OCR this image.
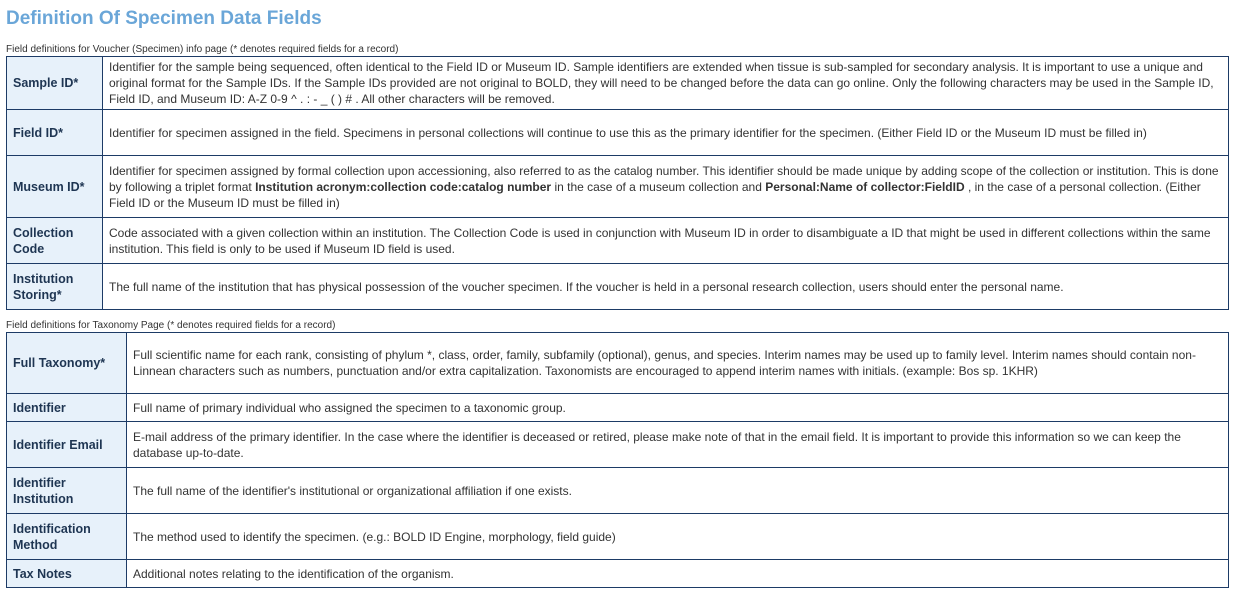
Definition Of Specimen Data Fields
Field definitions for Voucher (Specimen) info page (* denotes required fields for a record)
Sample ID*	Identifier for the sample being sequenced, often identical to the Field ID or Museum ID. Sample identifiers are extended when tissue is sub-sampled for secondary analysis. It is important to use a unique and original format for the Sample IDs. If the Sample IDs provided are not original to BOLD, they will need to be changed before the data can go online. Only the following characters may be used in the Sample ID, Field ID, and Museum ID: A-Z 0-9 ^ . : - _ ( ) # . All other characters will be removed.
Field ID*	Identifier for specimen assigned in the field. Specimens in personal collections will continue to use this as the primary identifier for the specimen. (Either Field ID or the Museum ID must be filled in)
Museum ID*	Identifier for specimen assigned by formal collection upon accessioning, also referred to as the catalog number. This identifier should be made unique by adding scope of the collection or institution. This is done by following a triplet format Institution acronym:collection code:catalog number in the case of a museum collection and Personal:Name of collector:FieldID , in the case of a personal collection. (Either Field ID or the Museum ID must be filled in)
Collection Code	Code associated with a given collection within an institution. The Collection Code is used in conjunction with Museum ID in order to disambiguate a ID that might be used in different collections within the same institution. This field is only to be used if Museum ID field is used.
Institution Storing*	The full name of the institution that has physical possession of the voucher specimen. If the voucher is held in a personal research collection, users should enter the personal name.
Field definitions for Taxonomy Page (* denotes required fields for a record)
Full Taxonomy*	Full scientific name for each rank, consisting of phylum *, class, order, family, subfamily (optional), genus, and species. Interim names may be used up to family level. Interim names should contain non-Linnean characters such as numbers, punctuation and/or extra capitalization. Taxonomists are encouraged to append interim names with initials. (example: Bos sp. 1KHR)
Identifier	Full name of primary individual who assigned the specimen to a taxonomic group.
Identifier Email	E-mail address of the primary identifier. In the case where the identifier is deceased or retired, please make note of that in the email field. It is important to provide this information so we can keep the database up-to-date.
Identifier Institution	The full name of the identifier's institutional or organizational affiliation if one exists.
Identification Method	The method used to identify the specimen. (e.g.: BOLD ID Engine, morphology, field guide)
Tax Notes	Additional notes relating to the identification of the organism.
